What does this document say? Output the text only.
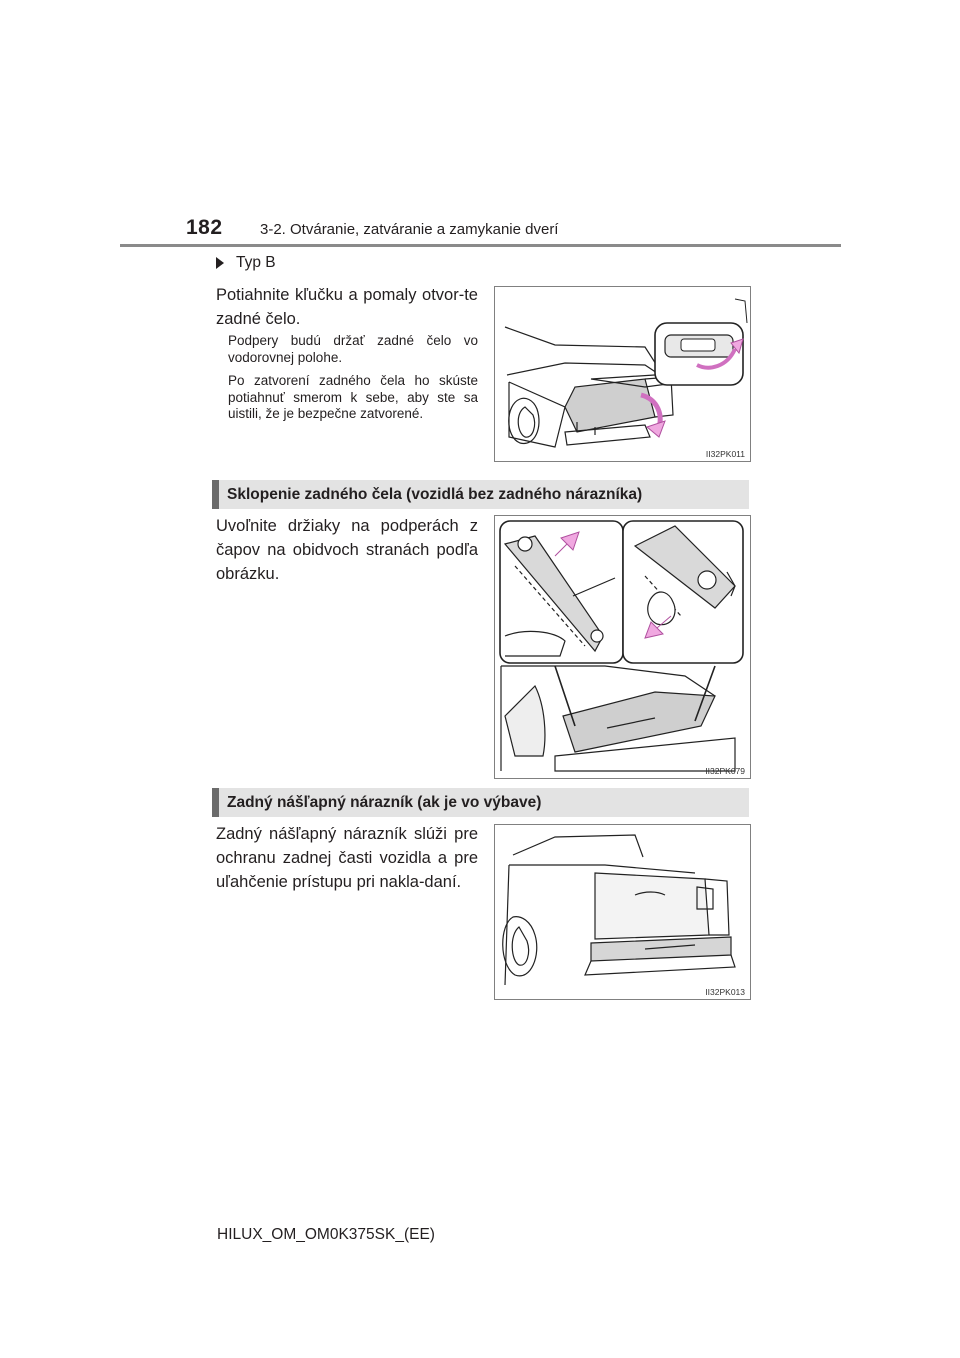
182 3-2. Otváranie, zatváranie a zamykanie dverí
Typ B
Potiahnite kľučku a pomaly otvor-te zadné čelo.
Podpery budú držať zadné čelo vo vodorovnej polohe.
Po zatvorení zadného čela ho skúste potiahnuť smerom k sebe, aby ste sa uistili, že je bezpečne zatvorené.
II32PK011
Sklopenie zadného čela (vozidlá bez zadného nárazníka)
Uvoľnite držiaky na podperách z čapov na obidvoch stranách podľa obrázku.
II32PK079
Zadný nášľapný nárazník (ak je vo výbave)
Zadný nášľapný nárazník slúži pre ochranu zadnej časti vozidla a pre uľahčenie prístupu pri nakla-daní.
II32PK013
HILUX_OM_OM0K375SK_(EE)
